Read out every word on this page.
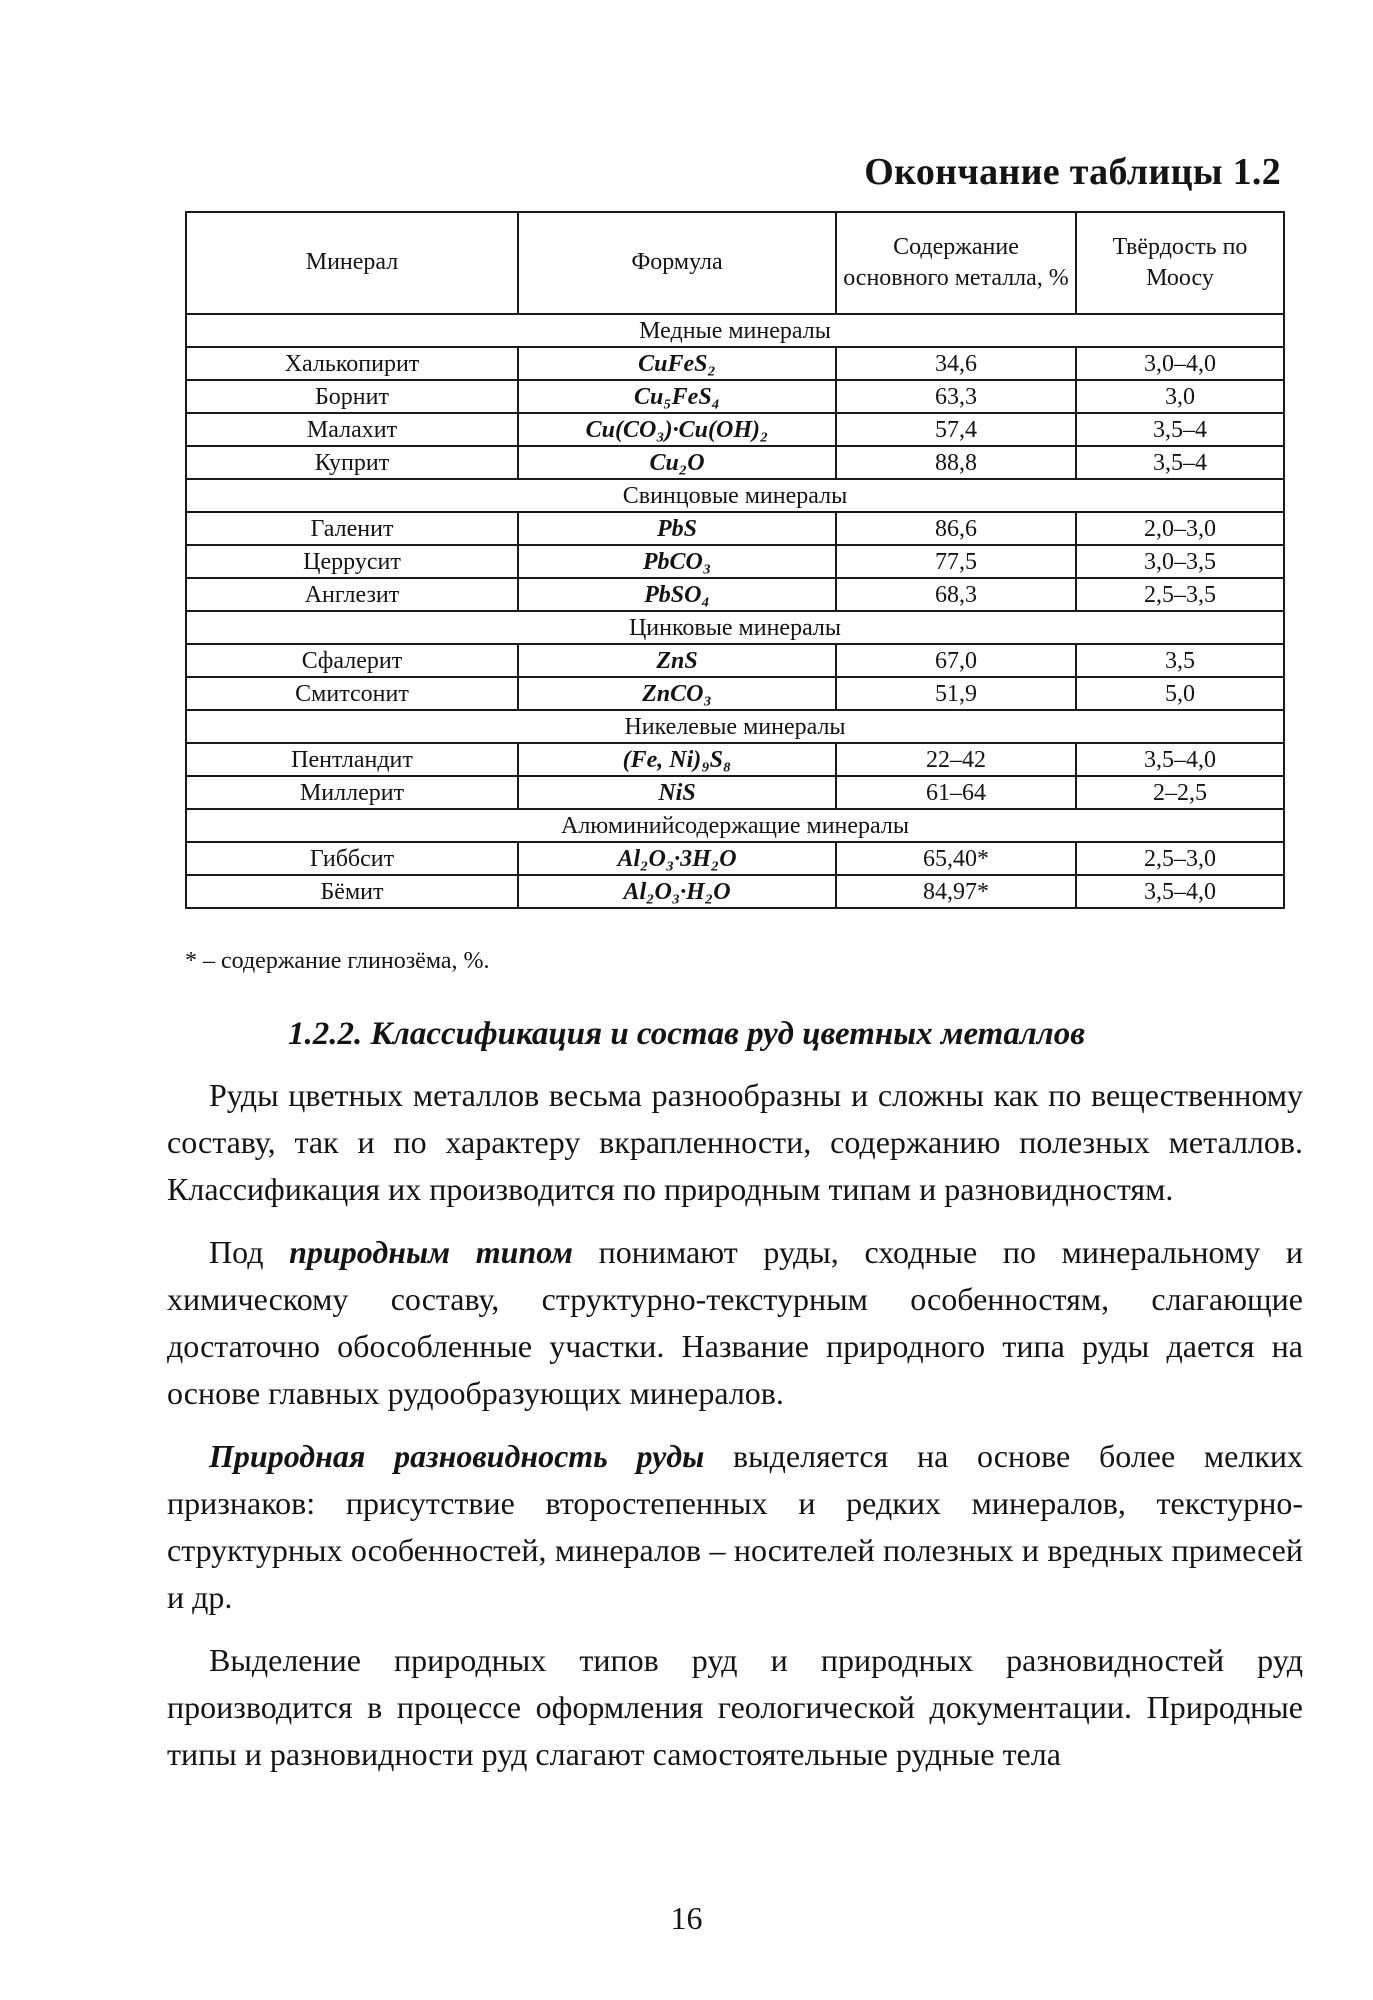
Окончание таблицы 1.2
Минерал	Формула	Содержание основного металла, %	Твёрдость по Моосу
Медные минералы			
Халькопирит	CuFeS₂	34,6	3,0–4,0
Борнит	Cu₅FeS₄	63,3	3,0
Малахит	Cu(CO₃)·Cu(OH)₂	57,4	3,5–4
Куприт	Cu₂O	88,8	3,5–4
Свинцовые минералы			
Галенит	PbS	86,6	2,0–3,0
Церрусит	PbCO₃	77,5	3,0–3,5
Англезит	PbSO₄	68,3	2,5–3,5
Цинковые минералы			
Сфалерит	ZnS	67,0	3,5
Смитсонит	ZnCO₃	51,9	5,0
Никелевые минералы			
Пентландит	(Fe, Ni)₉S₈	22–42	3,5–4,0
Миллерит	NiS	61–64	2–2,5
Алюминийсодержащие минералы			
Гиббсит	Al₂O₃·3H₂O	65,40*	2,5–3,0
Бёмит	Al₂O₃·H₂O	84,97*	3,5–4,0
* – содержание глинозёма, %.
1.2.2. Классификация и состав руд цветных металлов

Руды цветных металлов весьма разнообразны и сложны как по вещественному составу, так и по характеру вкрапленности, содержанию полезных металлов. Классификация их производится по природным типам и разновидностям.

Под природным типом понимают руды, сходные по минеральному и химическому составу, структурно-текстурным особенностям, слагающие достаточно обособленные участки. Название природного типа руды дается на основе главных рудообразующих минералов.

Природная разновидность руды выделяется на основе более мелких признаков: присутствие второстепенных и редких минералов, текстурно-структурных особенностей, минералов – носителей полезных и вредных примесей и др.

Выделение природных типов руд и природных разновидностей руд производится в процессе оформления геологической документации. Природные типы и разновидности руд слагают самостоятельные рудные тела

16
